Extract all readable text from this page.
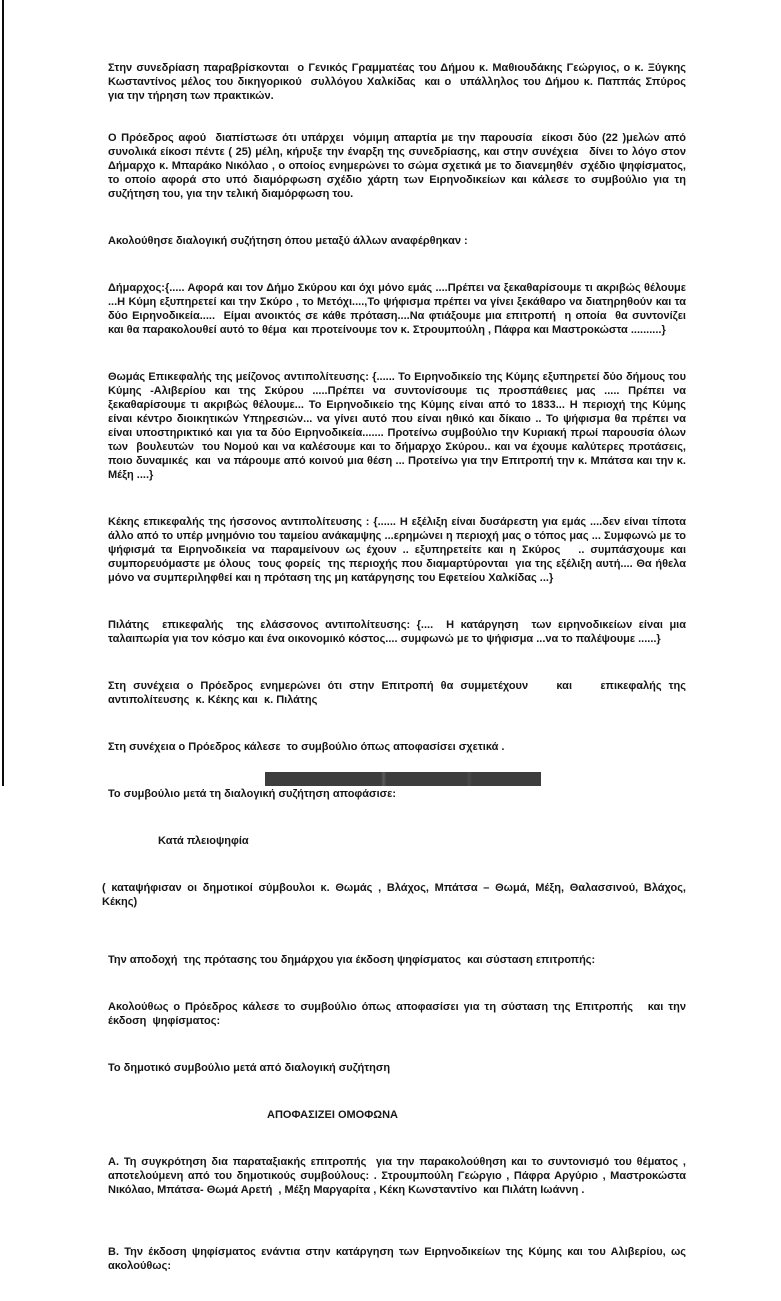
Στην συνεδρίαση παραβρίσκονται  ο Γενικός Γραμματέας του Δήμου κ. Μαθιουδάκης Γεώργιος, ο κ. Ξύγκης Κωσταντίνος μέλος του δικηγορικού  συλλόγου Χαλκίδας  και ο  υπάλληλος του Δήμου κ. Παππάς Σπύρος  για την τήρηση των πρακτικών.

Ο Πρόεδρος αφού  διαπίστωσε ότι υπάρχει  νόμιμη απαρτία με την παρουσία  είκοσι δύο (22 )μελών από συνολικά είκοσι πέντε ( 25) μέλη, κήρυξε την έναρξη της συνεδρίασης, και στην συνέχεια   δίνει το λόγο στον Δήμαρχο κ. Μπαράκο Νικόλαο , ο οποίος ενημερώνει το σώμα σχετικά με το διανεμηθέν  σχέδιο ψηφίσματος, το οποίο αφορά στο υπό διαμόρφωση σχέδιο χάρτη των Ειρηνοδικείων και κάλεσε το συμβούλιο για τη συζήτηση του, για την τελική διαμόρφωση του.

Ακολούθησε διαλογική συζήτηση όπου μεταξύ άλλων αναφέρθηκαν :

Δήμαρχος:{..... Αφορά και τον Δήμο Σκύρου και όχι μόνο εμάς ....Πρέπει να ξεκαθαρίσουμε τι ακριβώς θέλουμε ...Η Κύμη εξυπηρετεί και την Σκύρο , το Μετόχι....,Το ψήφισμα πρέπει να γίνει ξεκάθαρο να διατηρηθούν και τα δύο Ειρηνοδικεία.....  Είμαι ανοικτός σε κάθε πρόταση....Να φτιάξουμε μια επιτροπή  η οποία  θα συντονίζει  και θα παρακολουθεί αυτό το θέμα  και προτείνουμε τον κ. Στρουμπούλη , Πάφρα και Μαστροκώστα ..........}

Θωμάς Επικεφαλής της μείζονος αντιπολίτευσης: {...... Το Ειρηνοδικείο της Κύμης εξυπηρετεί δύο δήμους του Κύμης -Αλιβερίου και της Σκύρου .....Πρέπει να συντονίσουμε τις προσπάθειες μας ..... Πρέπει να ξεκαθαρίσουμε τι ακριβώς θέλουμε... Το Ειρηνοδικείο της Κύμης είναι από το 1833... Η περιοχή της Κύμης είναι κέντρο διοικητικών Υπηρεσιών... να γίνει αυτό που είναι ηθικό και δίκαιο .. Το ψήφισμα θα πρέπει να είναι υποστηρικτικό και για τα δύο Ειρηνοδικεία....... Προτείνω συμβούλιο την Κυριακή πρωί παρουσία όλων των  βουλευτών  του Νομού και να καλέσουμε και το δήμαρχο Σκύρου.. και να έχουμε καλύτερες προτάσεις, ποιο δυναμικές  και  να πάρουμε από κοινού μια θέση ... Προτείνω για την Επιτροπή την κ. Μπάτσα και την κ. Μέξη ....}

Κέκης επικεφαλής της ήσσονος αντιπολίτευσης : {...... Η εξέλιξη είναι δυσάρεστη για εμάς ....δεν είναι τίποτα άλλο από το υπέρ μνημόνιο του ταμείου ανάκαμψης ...ερημώνει η περιοχή μας ο τόπος μας ... Συμφωνώ με το ψήφισμά τα Ειρηνοδικεία να παραμείνουν ως έχουν .. εξυπηρετείτε και η Σκύρος   .. συμπάσχουμε και συμπορευόμαστε με όλους  τους φορείς  της περιοχής που διαμαρτύρονται  για της εξέλιξη αυτή.... Θα ήθελα μόνο να συμπεριληφθεί και η πρόταση της μη κατάργησης του Εφετείου Χαλκίδας ...}

Πιλάτης  επικεφαλής  της ελάσσονος αντιπολίτευσης: {....  Η κατάργηση  των ειρηνοδικείων είναι μια ταλαιπωρία για τον κόσμο και ένα οικονομικό κόστος.... συμφωνώ με το ψήφισμα ...να το παλέψουμε ......}

Στη συνέχεια ο Πρόεδρος ενημερώνει ότι στην Επιτροπή θα συμμετέχουν    και    επικεφαλής της αντιπολίτευσης  κ. Κέκης και  κ. Πιλάτης

Στη συνέχεια ο Πρόεδρος κάλεσε  το συμβούλιο όπως αποφασίσει σχετικά .

Το συμβούλιο μετά τη διαλογική συζήτηση αποφάσισε:

Κατά πλειοψηφία

( καταψήφισαν οι δημοτικοί σύμβουλοι κ. Θωμάς , Βλάχος, Μπάτσα – Θωμά, Μέξη, Θαλασσινού, Βλάχος, Κέκης)

Την αποδοχή  της πρότασης του δημάρχου για έκδοση ψηφίσματος  και σύσταση επιτροπής:

Ακολούθως ο Πρόεδρος κάλεσε το συμβούλιο όπως αποφασίσει για τη σύσταση της Επιτροπής   και την έκδοση  ψηφίσματος:

Το δημοτικό συμβούλιο μετά από διαλογική συζήτηση

ΑΠΟΦΑΣΙΖΕΙ ΟΜΟΦΩΝΑ

Α. Τη συγκρότηση δια παραταξιακής επιτροπής  για την παρακολούθηση και το συντονισμό του θέματος , αποτελούμενη από του δημοτικούς συμβούλους: . Στρουμπούλη Γεώργιο , Πάφρα Αργύριο , Μαστροκώστα Νικόλαο, Μπάτσα- Θωμά Αρετή  , Μέξη Μαργαρίτα , Κέκη Κωνσταντίνο  και Πιλάτη Ιωάννη .

Β. Την έκδοση ψηφίσματος ενάντια στην κατάργηση των Ειρηνοδικείων της Κύμης και του Αλιβερίου, ως ακολούθως:
